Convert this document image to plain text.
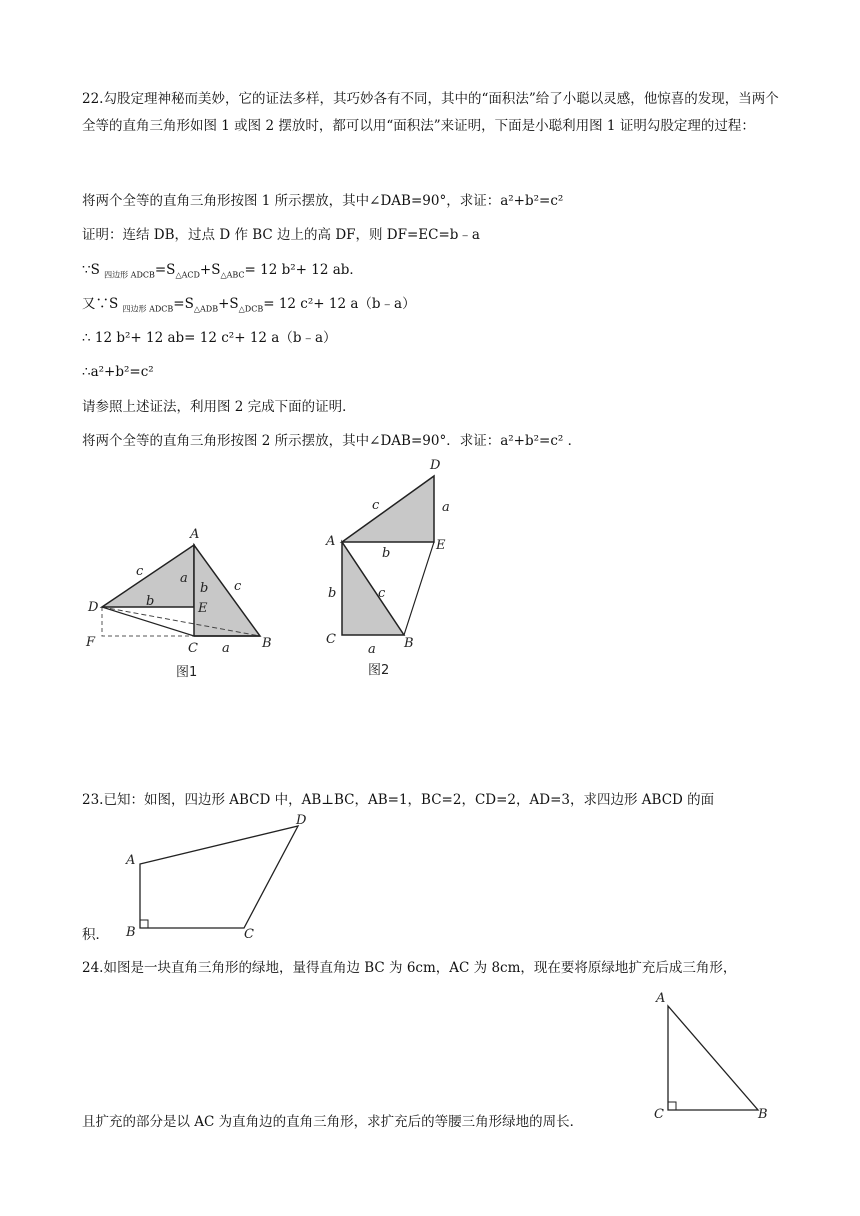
22.勾股定理神秘而美妙，它的证法多样，其巧妙各有不同，其中的“面积法”给了小聪以灵感，他惊喜的发现，当两个全等的直角三角形如图 1 或图 2 摆放时，都可以用“面积法”来证明，下面是小聪利用图 1 证明勾股定理的过程：
将两个全等的直角三角形按图 1 所示摆放，其中∠DAB=90°，求证：a²+b²=c²
证明：连结 DB，过点 D 作 BC 边上的高 DF，则 DF=EC=b﹣a
∵S $_{四边形 ADCB}=S_{\triangle ACD}+S_{\triangle ABC}= 12$ b²+ 12 ab．
又∵S $_{四边形 ADCB}=S_{\triangle ADB}+S_{\triangle DCB}= 12$ c²+ 12 a（b﹣a）
∴ 12 b²+ 12 ab= 12 c²+ 12 a（b﹣a）
∴a²+b²=c²
请参照上述证法，利用图 2 完成下面的证明．
将两个全等的直角三角形按图 2 所示摆放，其中∠DAB=90°．求证：a²+b²=c² ．
A
D	E
C	B
F
c
b
a
b c
a
图1
D
A	E
C	B
c	a
b
c
b
a
图2
23.已知：如图，四边形 ABCD 中，AB⊥BC，AB=1，BC=2，CD=2，AD=3，求四边形 ABCD 的面
A
B	C
D
积．
24.如图是一块直角三角形的绿地，量得直角边 BC 为 6cm，AC 为 8cm，现在要将原绿地扩充后成三角形，
A
C	B
且扩充的部分是以 AC 为直角边的直角三角形，求扩充后的等腰三角形绿地的周长．
